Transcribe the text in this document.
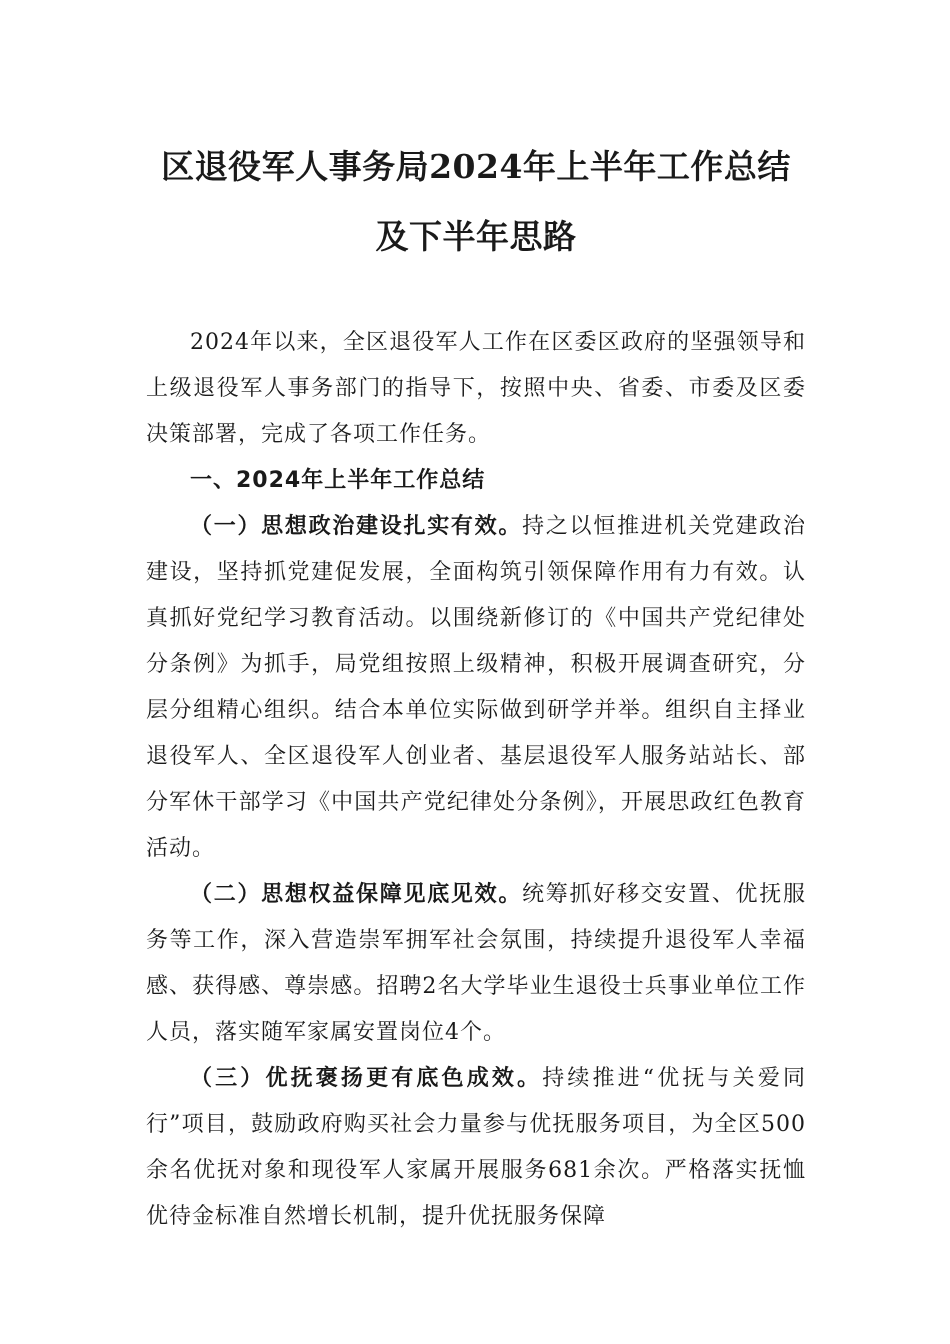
区退役军人事务局2024年上半年工作总结
及下半年思路

2024年以来，全区退役军人工作在区委区政府的坚强领导和上级退役军人事务部门的指导下，按照中央、省委、市委及区委决策部署，完成了各项工作任务。

一、2024年上半年工作总结

（一）思想政治建设扎实有效。持之以恒推进机关党建政治建设，坚持抓党建促发展，全面构筑引领保障作用有力有效。认真抓好党纪学习教育活动。以围绕新修订的《中国共产党纪律处分条例》为抓手，局党组按照上级精神，积极开展调查研究，分层分组精心组织。结合本单位实际做到研学并举。组织自主择业退役军人、全区退役军人创业者、基层退役军人服务站站长、部分军休干部学习《中国共产党纪律处分条例》，开展思政红色教育活动。

（二）思想权益保障见底见效。统筹抓好移交安置、优抚服务等工作，深入营造崇军拥军社会氛围，持续提升退役军人幸福感、获得感、尊崇感。招聘2名大学毕业生退役士兵事业单位工作人员，落实随军家属安置岗位4个。

（三）优抚褒扬更有底色成效。持续推进“优抚与关爱同行”项目，鼓励政府购买社会力量参与优抚服务项目，为全区500余名优抚对象和现役军人家属开展服务681余次。严格落实抚恤优待金标准自然增长机制，提升优抚服务保障
